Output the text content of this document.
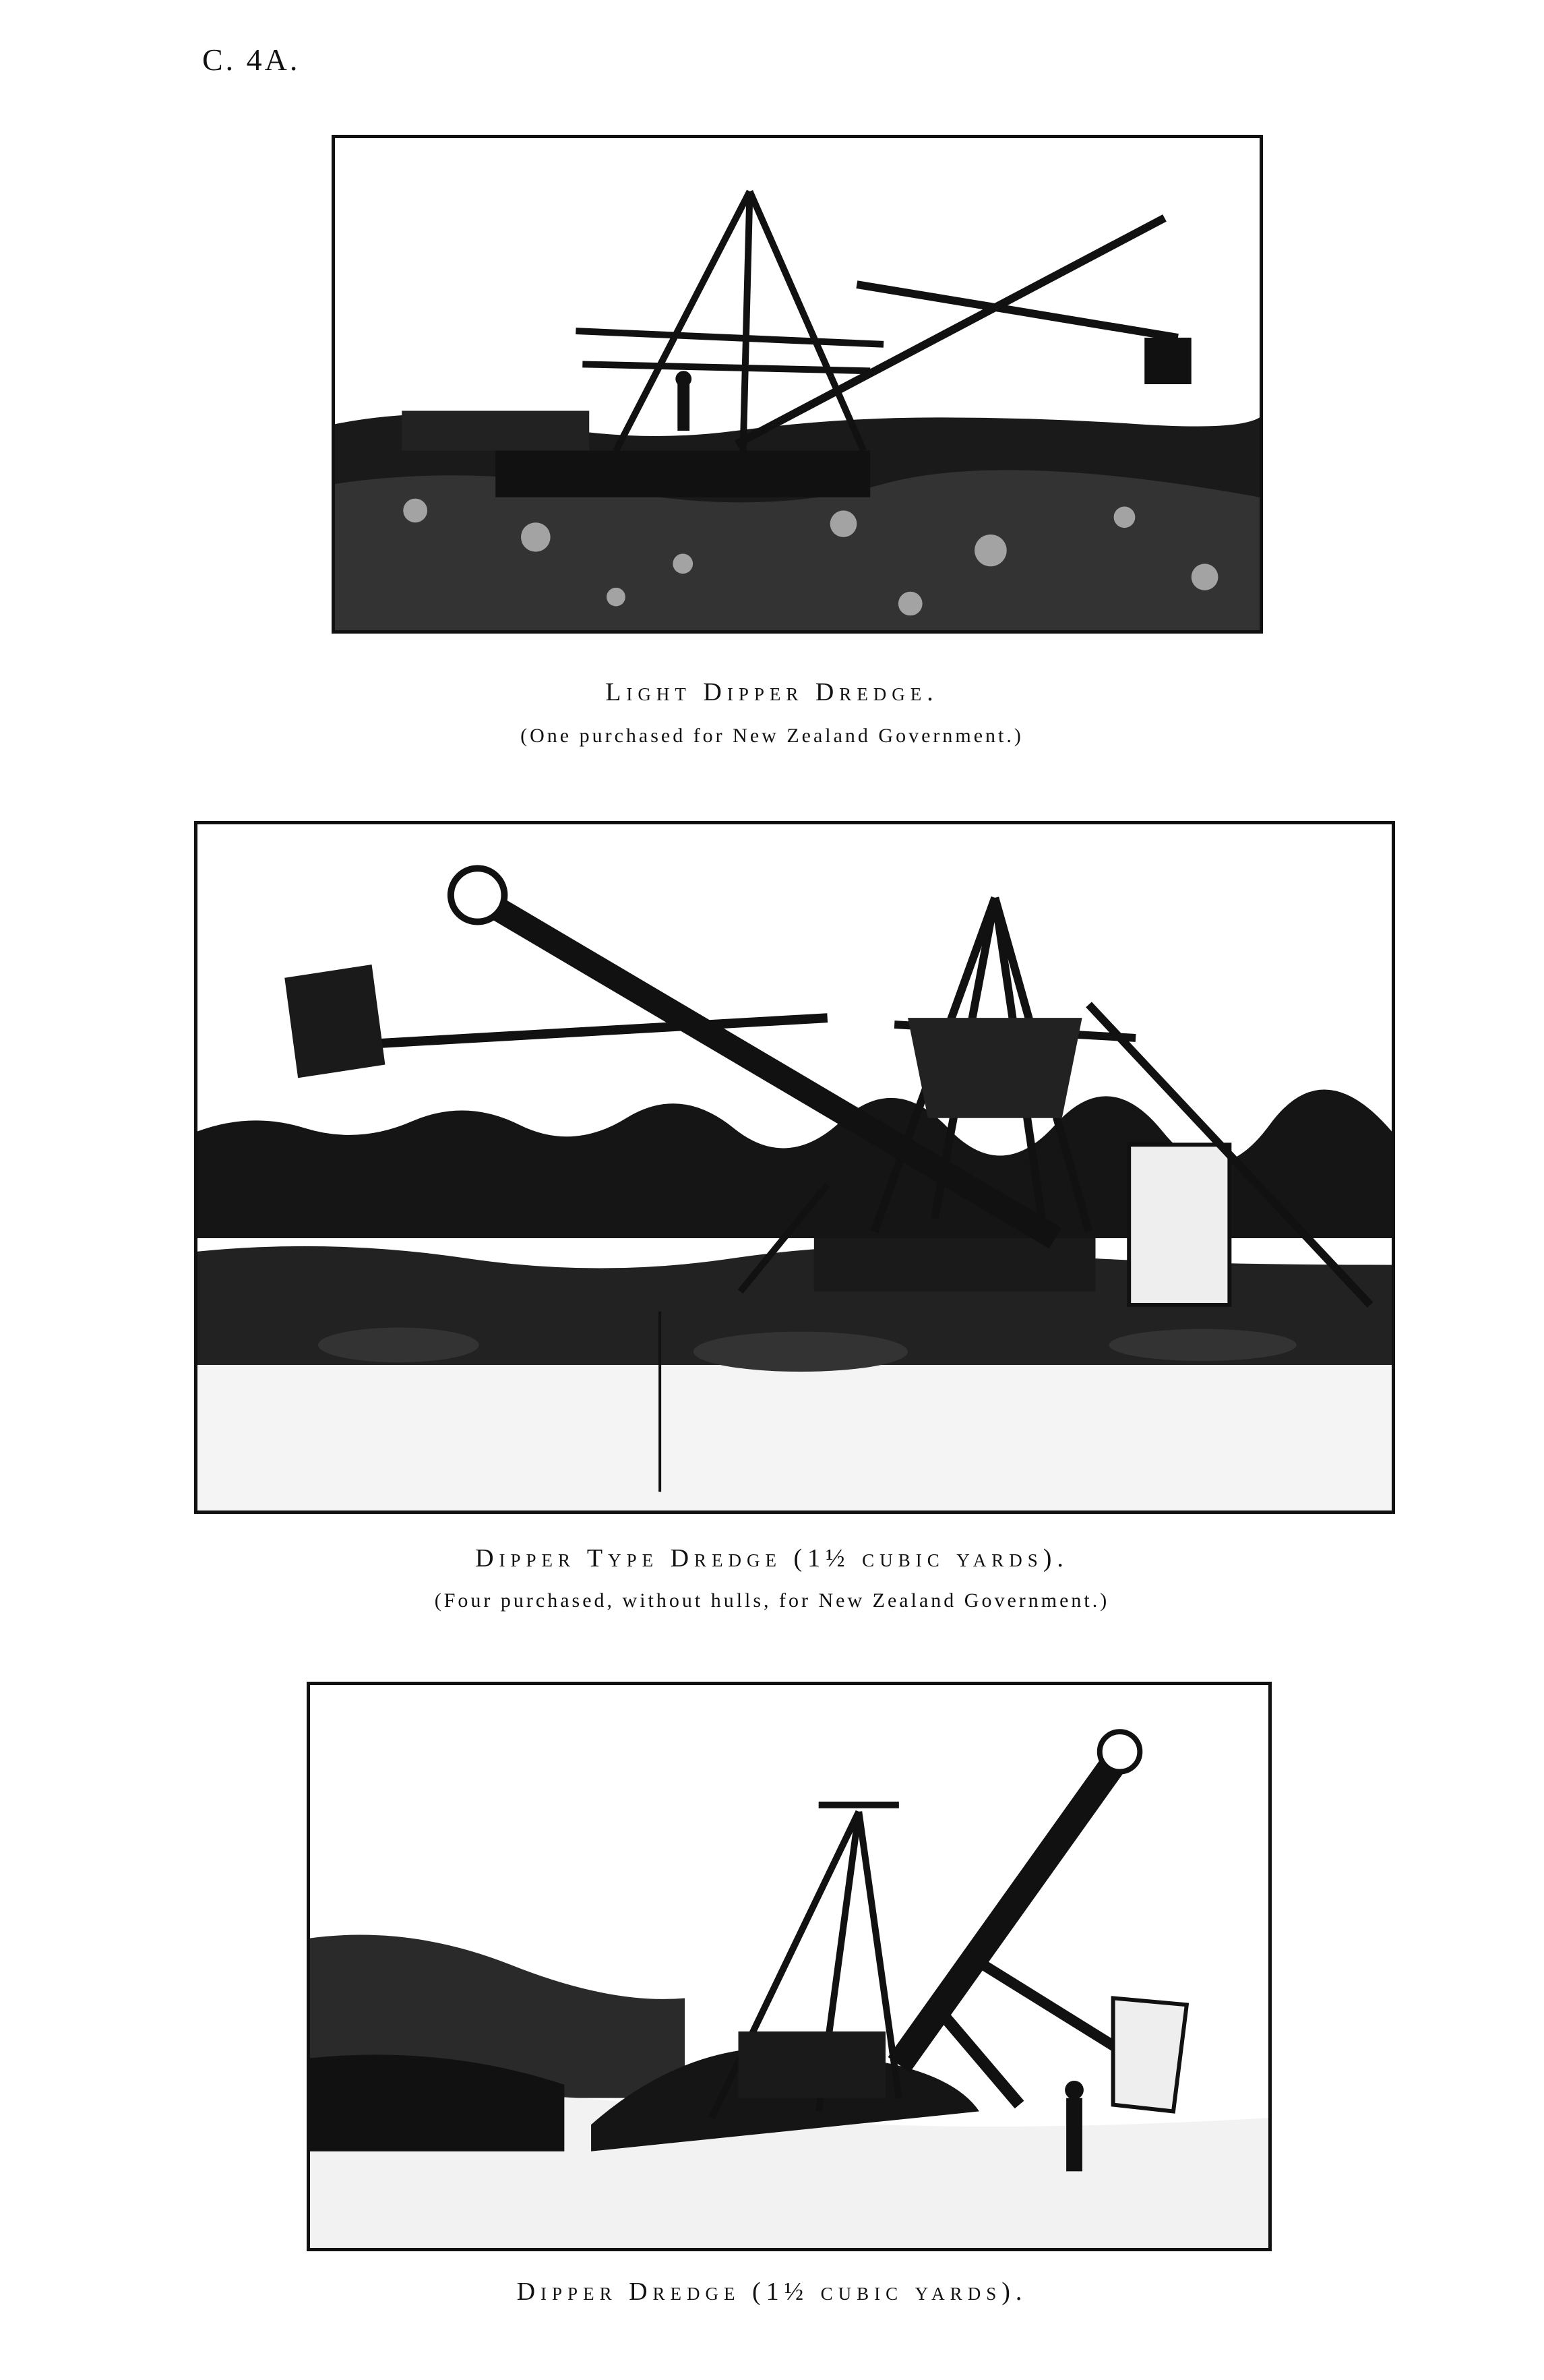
C. 4A.
Light Dipper Dredge.
(One purchased for New Zealand Government.)
Dipper Type Dredge (1½ cubic yards).
(Four purchased, without hulls, for New Zealand Government.)
Dipper Dredge (1½ cubic yards).
